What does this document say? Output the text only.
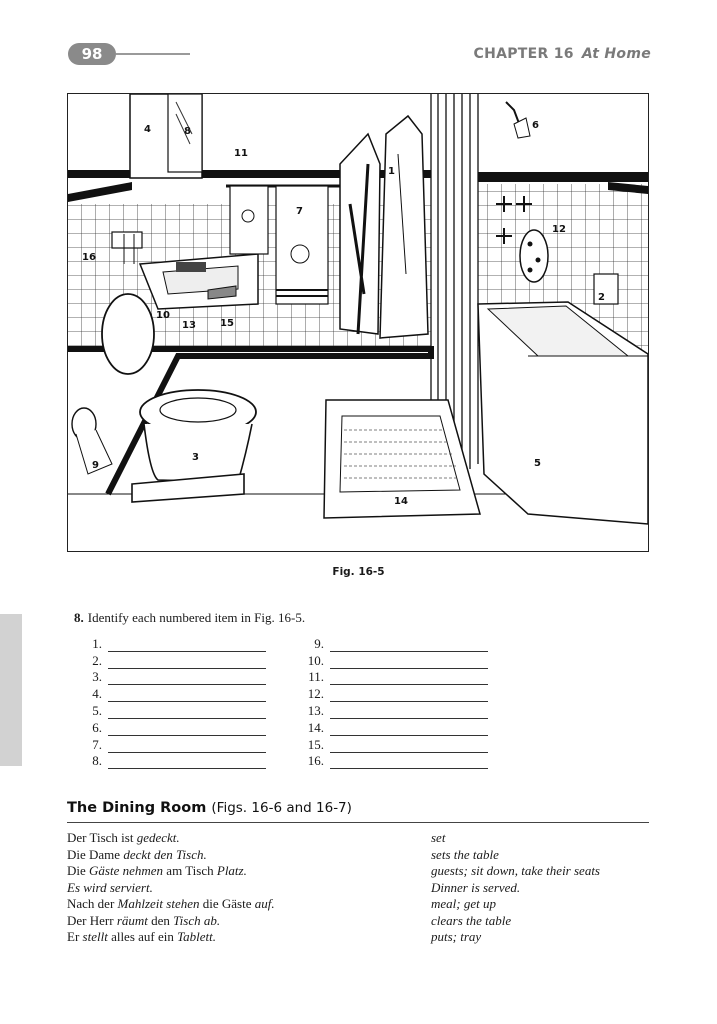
98	CHAPTER 16 At Home
1
2
3
4
5
6
7
8
9
10
11
12
13
14
15
16
Fig. 16-5
8. Identify each numbered item in Fig. 16-5.
1.
2.
3.
4.
5.
6.
7.
8.
9.
10.
11.
12.
13.
14.
15.
16.
The Dining Room (Figs. 16-6 and 16-7)
Der Tisch ist gedeckt.	set
Die Dame deckt den Tisch.	sets the table
Die Gäste nehmen am Tisch Platz.	guests; sit down, take their seats
Es wird serviert.	Dinner is served.
Nach der Mahlzeit stehen die Gäste auf.	meal; get up
Der Herr räumt den Tisch ab.	clears the table
Er stellt alles auf ein Tablett.	puts; tray
